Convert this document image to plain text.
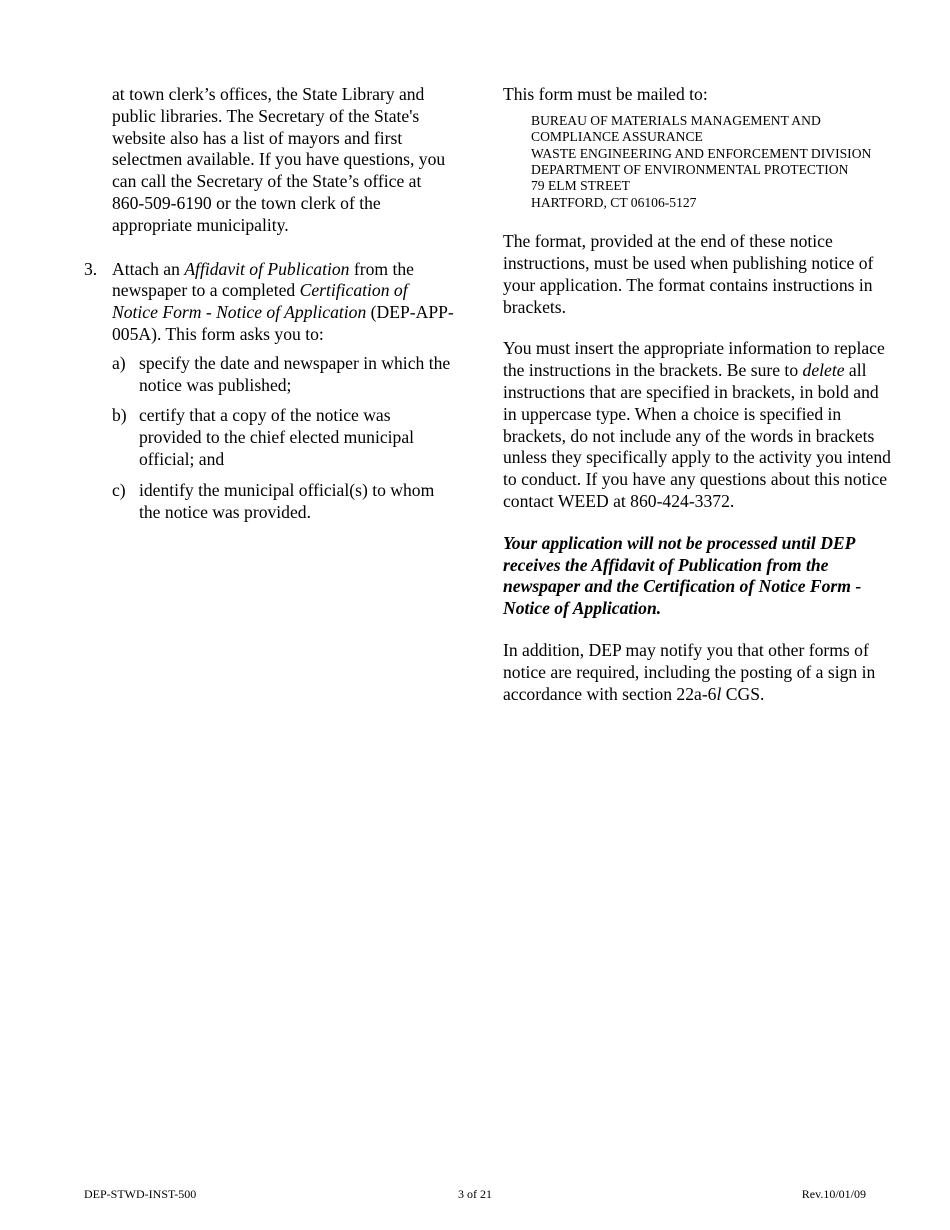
at town clerk’s offices, the State Library and public libraries. The Secretary of the State's website also has a list of mayors and first selectmen available. If you have questions, you can call the Secretary of the State’s office at 860-509-6190 or the town clerk of the appropriate municipality.

3. Attach an Affidavit of Publication from the newspaper to a completed Certification of Notice Form - Notice of Application (DEP-APP-005A). This form asks you to:

a) specify the date and newspaper in which the notice was published;
b) certify that a copy of the notice was provided to the chief elected municipal official; and
c) identify the municipal official(s) to whom the notice was provided.

This form must be mailed to:

BUREAU OF MATERIALS MANAGEMENT AND
COMPLIANCE ASSURANCE
WASTE ENGINEERING AND ENFORCEMENT DIVISION
DEPARTMENT OF ENVIRONMENTAL PROTECTION
79 ELM STREET
HARTFORD, CT 06106-5127

The format, provided at the end of these notice instructions, must be used when publishing notice of your application. The format contains instructions in brackets.

You must insert the appropriate information to replace the instructions in the brackets. Be sure to delete all instructions that are specified in brackets, in bold and in uppercase type. When a choice is specified in brackets, do not include any of the words in brackets unless they specifically apply to the activity you intend to conduct. If you have any questions about this notice contact WEED at 860-424-3372.

Your application will not be processed until DEP receives the Affidavit of Publication from the newspaper and the Certification of Notice Form - Notice of Application.

In addition, DEP may notify you that other forms of notice are required, including the posting of a sign in accordance with section 22a-6l CGS.

DEP-STWD-INST-500	3 of 21	Rev.10/01/09
